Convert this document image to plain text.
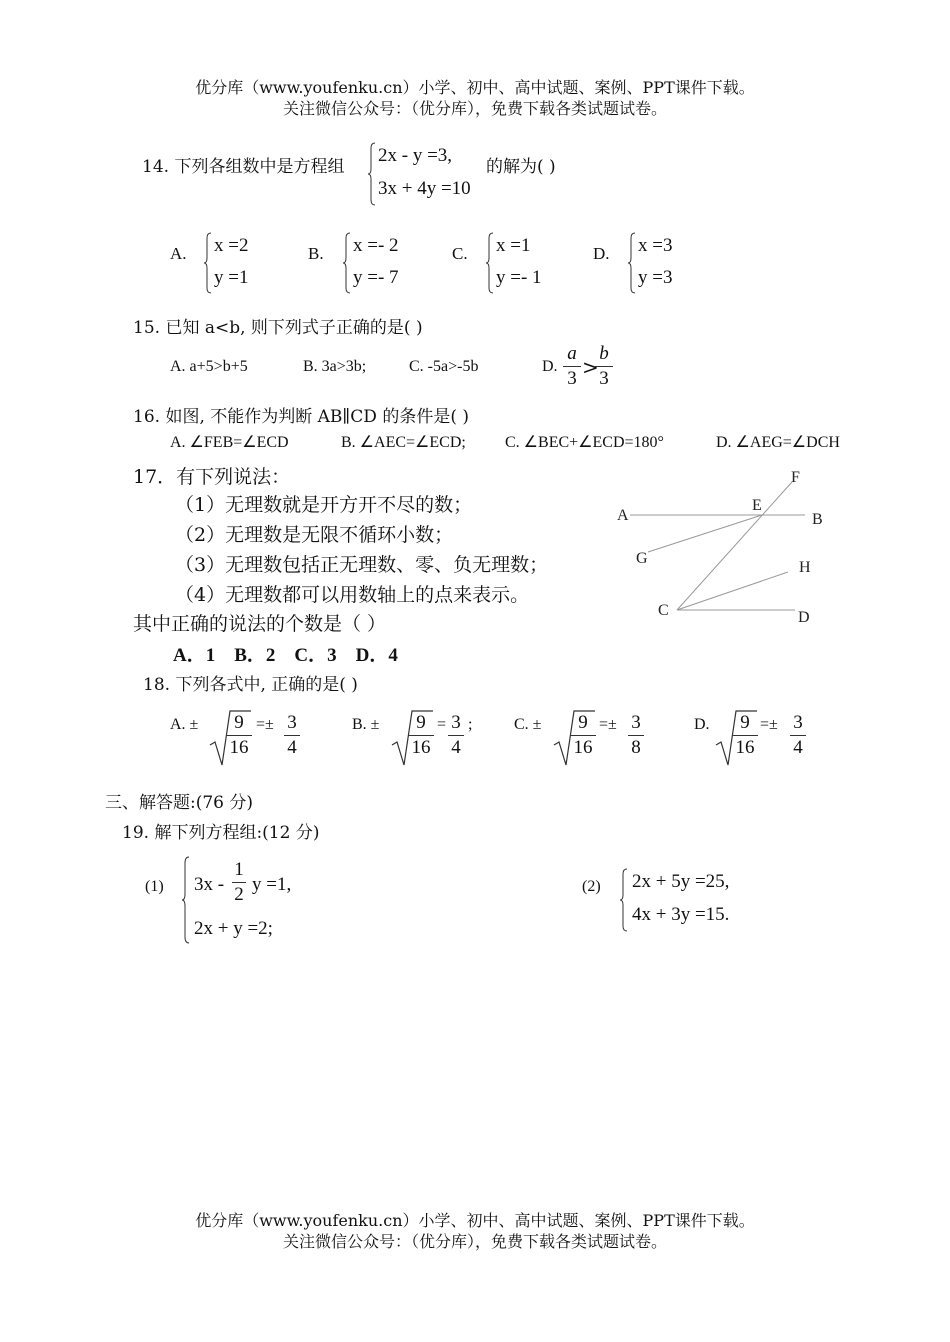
优分库（www.youfenku.cn）小学、初中、高中试题、案例、PPT课件下载。
关注微信公众号：（优分库），免费下载各类试题试卷。
14. 下列各组数中是方程组
2x - y =3,
3x + 4y =10
的解为( )
A. x =2
y =1
B. x =- 2
y =- 7
C. x =1
y =- 1
D. x =3
y =3
15. 已知 a<b, 则下列式子正确的是( )
A. a+5>b+5	B. 3a>3b;	C. -5a>-5b	D. $\frac{a}{3}$ >
$\frac{b}{3}$
16. 如图, 不能作为判断 AB∥CD 的条件是( )
A. ∠FEB=∠ECD	B. ∠AEC=∠ECD; C. ∠BEC+∠ECD=180°	D. ∠AEG=∠DCH
F
A
E
B
G
H
C	D
17．有下列说法：
（1）无理数就是开方开不尽的数；
（2）无理数是无限不循环小数；
（3）无理数包括正无理数、零、负无理数；
（4）无理数都可以用数轴上的点来表示。
其中正确的说法的个数是（ ）
A．1    B．2    C．3    D．4
18. 下列各式中, 正确的是( )
A. ± $\frac{9}{16} =\pm \frac{3}{4}$	B. ± $\frac{9}{16} = \frac{3}{4}$ ;	C. ± $\frac{9}{16} =\pm \frac{3}{8}$	D. $\frac{9}{16} =\pm \frac{3}{4}$
三、解答题:(76 分)
19. 解下列方程组:(12 分)
(1) $3x - \frac{1}{2}$ y =1,
2x + y =2;
(2) 2x + 5y =25,
4x + 3y =15.
优分库（www.youfenku.cn）小学、初中、高中试题、案例、PPT课件下载。
关注微信公众号：（优分库），免费下载各类试题试卷。
